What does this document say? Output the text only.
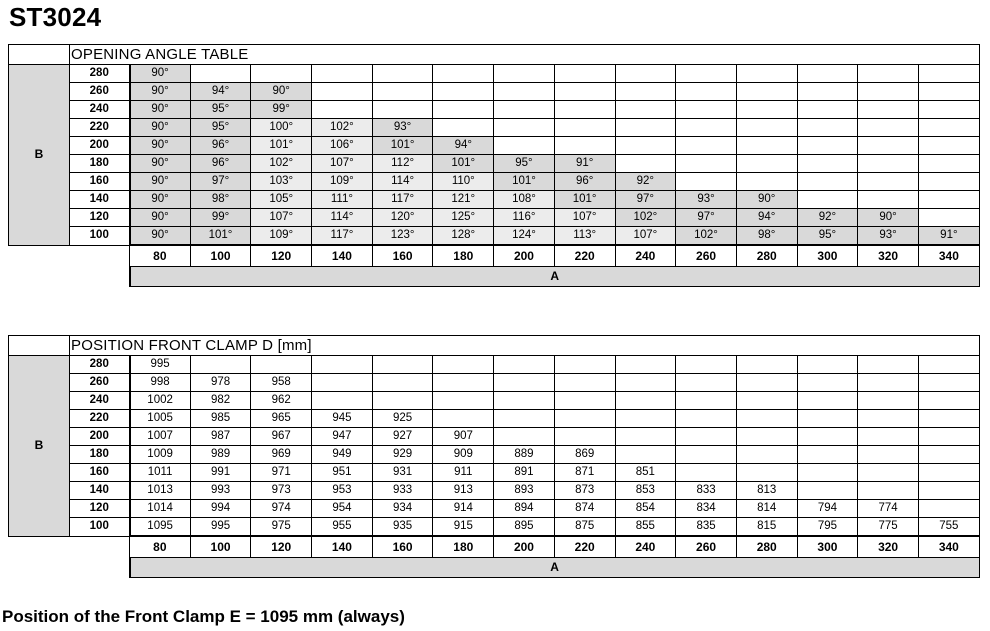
ST3024
	OPENING ANGLE TABLE														
B	280	90°													
	260	90°	94°	90°											
	240	90°	95°	99°											
	220	90°	95°	100°	102°	93°									
	200	90°	96°	101°	106°	101°	94°								
	180	90°	96°	102°	107°	112°	101°	95°	91°						
	160	90°	97°	103°	109°	114°	110°	101°	96°	92°					
	140	90°	98°	105°	111°	117°	121°	108°	101°	97°	93°	90°			
	120	90°	99°	107°	114°	120°	125°	116°	107°	102°	97°	94°	92°	90°	
	100	90°	101°	109°	117°	123°	128°	124°	113°	107°	102°	98°	95°	93°	91°
		80	100	120	140	160	180	200	220	240	260	280	300	320	340
		A													
	POSITION FRONT CLAMP D [mm]														
B	280	995													
	260	998	978	958											
	240	1002	982	962											
	220	1005	985	965	945	925									
	200	1007	987	967	947	927	907								
	180	1009	989	969	949	929	909	889	869						
	160	1011	991	971	951	931	911	891	871	851					
	140	1013	993	973	953	933	913	893	873	853	833	813			
	120	1014	994	974	954	934	914	894	874	854	834	814	794	774	
	100	1095	995	975	955	935	915	895	875	855	835	815	795	775	755
		80	100	120	140	160	180	200	220	240	260	280	300	320	340
		A													
Position of the Front Clamp E = 1095 mm (always)
